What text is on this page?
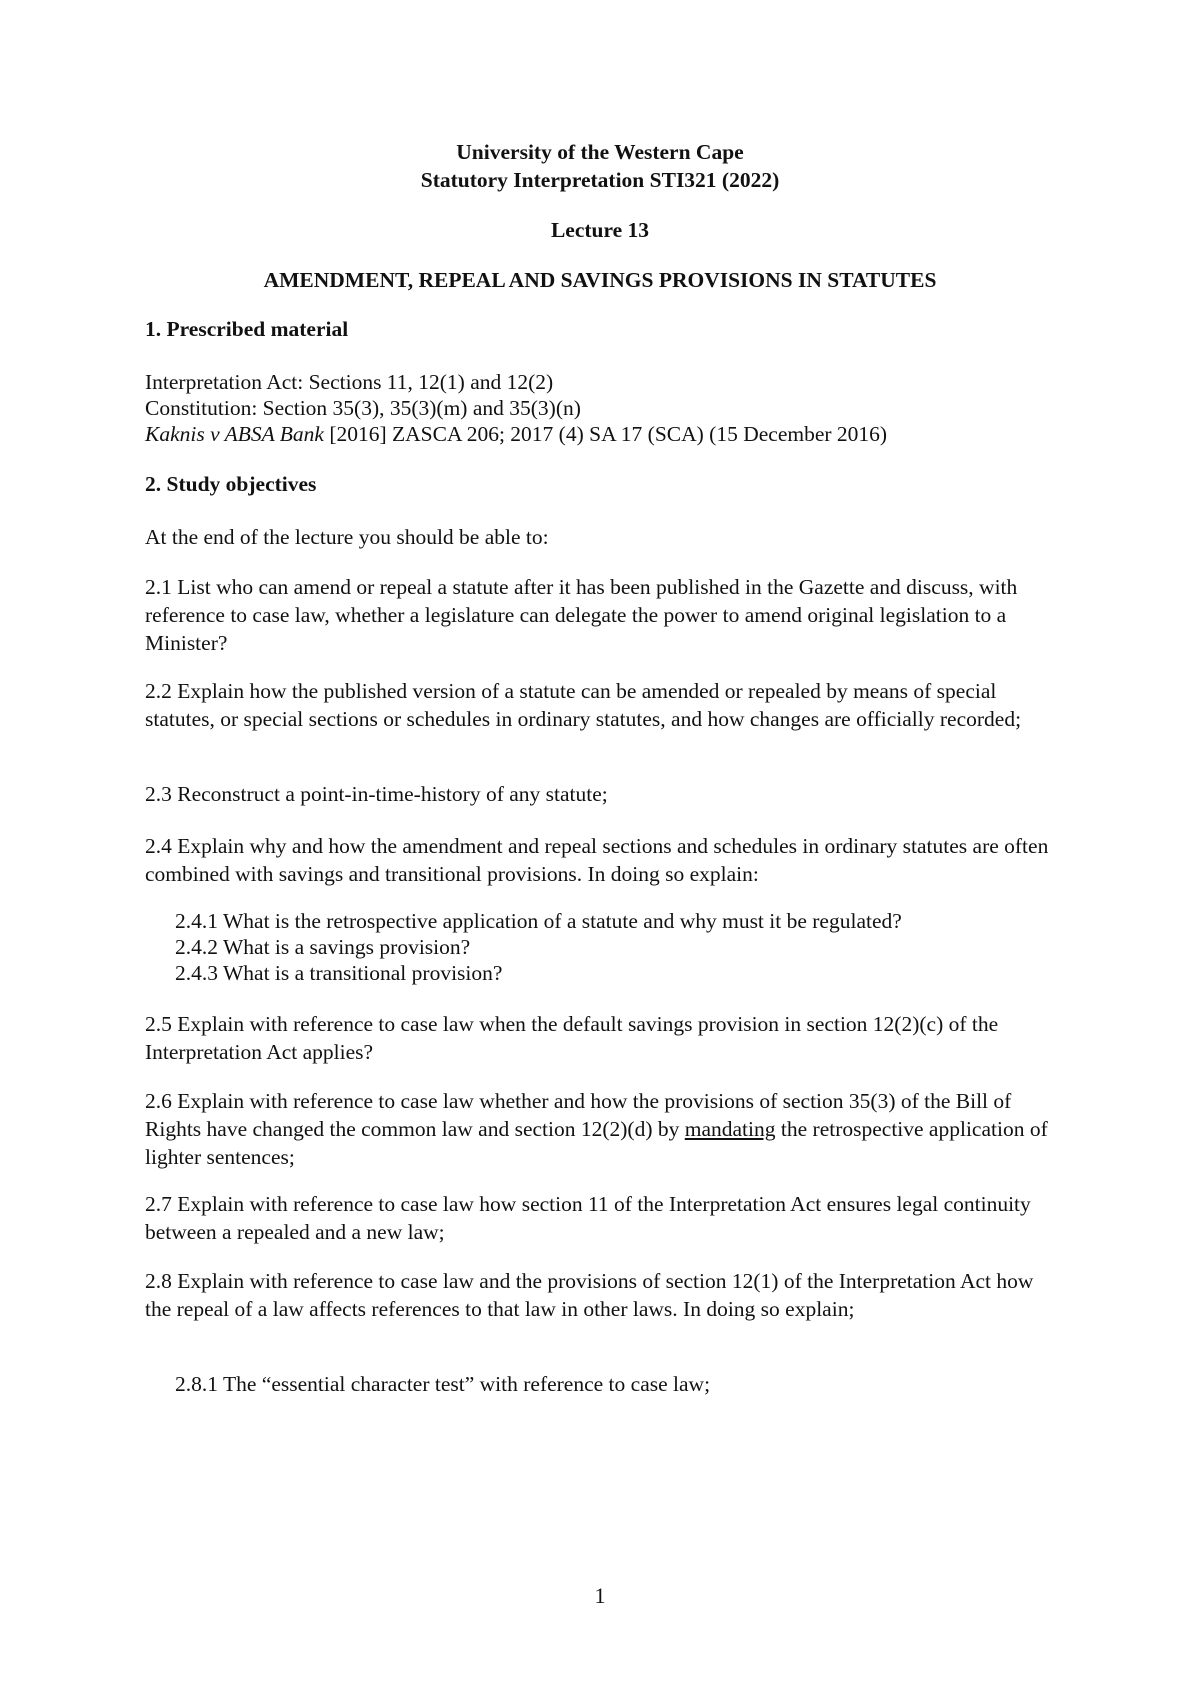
University of the Western Cape
Statutory Interpretation STI321 (2022)
Lecture 13
AMENDMENT, REPEAL AND SAVINGS PROVISIONS IN STATUTES
1. Prescribed material
Interpretation Act: Sections 11, 12(1) and 12(2)
Constitution: Section 35(3), 35(3)(m) and 35(3)(n)
Kaknis v ABSA Bank [2016] ZASCA 206; 2017 (4) SA 17 (SCA) (15 December 2016)
2. Study objectives
At the end of the lecture you should be able to:
2.1 List who can amend or repeal a statute after it has been published in the Gazette and discuss, with reference to case law, whether a legislature can delegate the power to amend original legislation to a Minister?
2.2 Explain how the published version of a statute can be amended or repealed by means of special statutes, or special sections or schedules in ordinary statutes, and how changes are officially recorded;
2.3 Reconstruct a point-in-time-history of any statute;
2.4 Explain why and how the amendment and repeal sections and schedules in ordinary statutes are often combined with savings and transitional provisions. In doing so explain:
2.4.1 What is the retrospective application of a statute and why must it be regulated?
2.4.2 What is a savings provision?
2.4.3 What is a transitional provision?
2.5 Explain with reference to case law when the default savings provision in section 12(2)(c) of the Interpretation Act applies?
2.6 Explain with reference to case law whether and how the provisions of section 35(3) of the Bill of Rights have changed the common law and section 12(2)(d) by mandating the retrospective application of lighter sentences;
2.7 Explain with reference to case law how section 11 of the Interpretation Act ensures legal continuity between a repealed and a new law;
2.8 Explain with reference to case law and the provisions of section 12(1) of the Interpretation Act how the repeal of a law affects references to that law in other laws. In doing so explain;
2.8.1 The “essential character test” with reference to case law;
1
